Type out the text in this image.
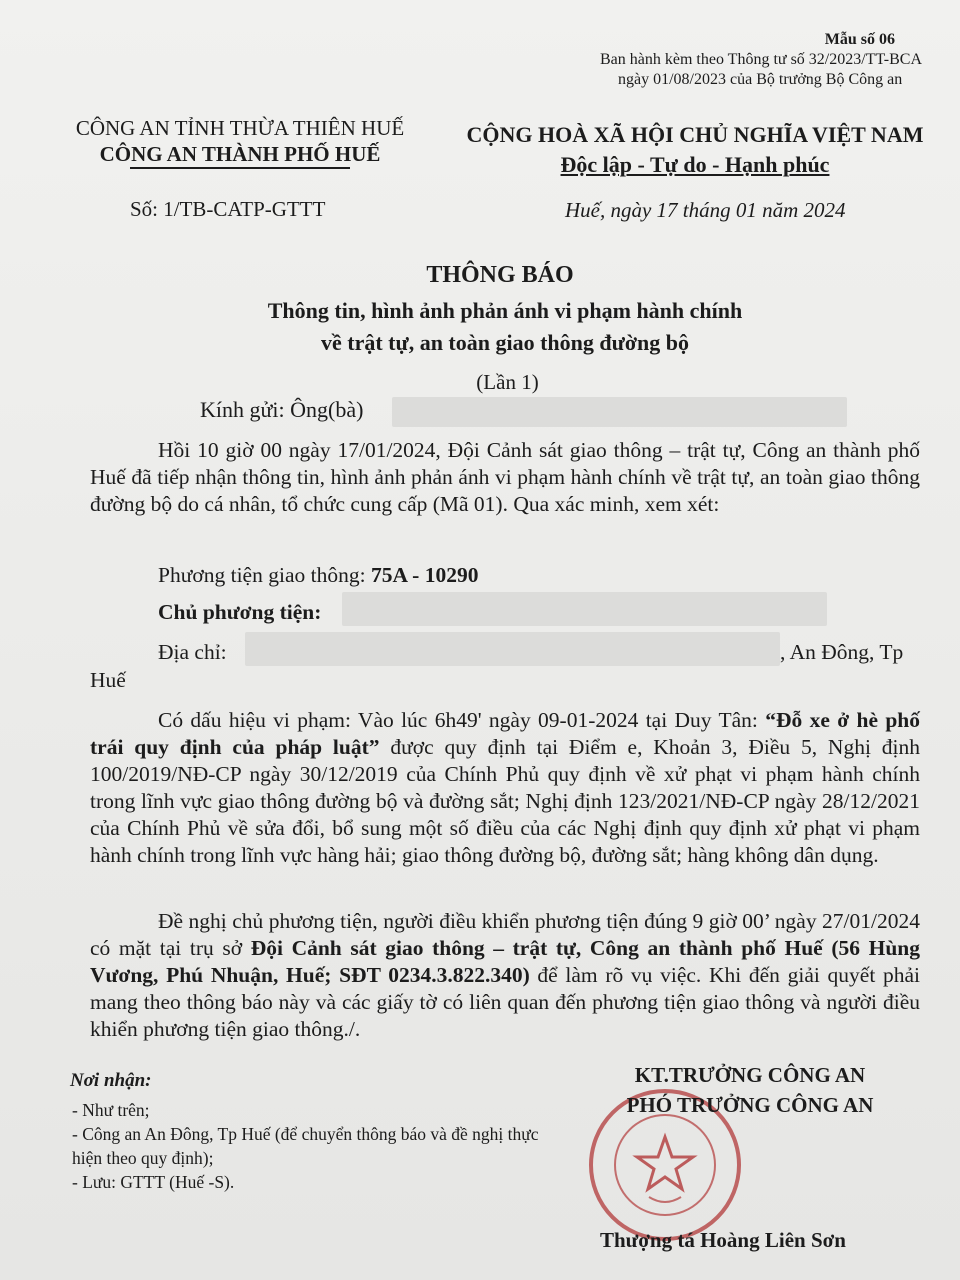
Mẫu số 06
Ban hành kèm theo Thông tư số 32/2023/TT-BCA
ngày 01/08/2023 của Bộ trưởng Bộ Công an
CÔNG AN TỈNH THỪA THIÊN HUẾ
CÔNG AN THÀNH PHỐ HUẾ
CỘNG HOÀ XÃ HỘI CHỦ NGHĨA VIỆT NAM
Độc lập - Tự do - Hạnh phúc
Số: 1/TB-CATP-GTTT	Huế, ngày 17 tháng 01 năm 2024
THÔNG BÁO
Thông tin, hình ảnh phản ánh vi phạm hành chính
về trật tự, an toàn giao thông đường bộ
(Lần 1)
Kính gửi: Ông(bà)
Hồi 10 giờ 00 ngày 17/01/2024, Đội Cảnh sát giao thông – trật tự, Công an thành phố Huế đã tiếp nhận thông tin, hình ảnh phản ánh vi phạm hành chính về trật tự, an toàn giao thông đường bộ do cá nhân, tổ chức cung cấp (Mã 01). Qua xác minh, xem xét:
Phương tiện giao thông: 75A - 10290
Chủ phương tiện:
Địa chỉ:	, An Đông, Tp
Huế
Có dấu hiệu vi phạm: Vào lúc 6h49' ngày 09-01-2024 tại Duy Tân: “Đỗ xe ở hè phố trái quy định của pháp luật” được quy định tại Điểm e, Khoản 3, Điều 5, Nghị định 100/2019/NĐ-CP ngày 30/12/2019 của Chính Phủ quy định về xử phạt vi phạm hành chính trong lĩnh vực giao thông đường bộ và đường sắt; Nghị định 123/2021/NĐ-CP ngày 28/12/2021 của Chính Phủ về sửa đổi, bổ sung một số điều của các Nghị định quy định xử phạt vi phạm hành chính trong lĩnh vực hàng hải; giao thông đường bộ, đường sắt; hàng không dân dụng.
Đề nghị chủ phương tiện, người điều khiển phương tiện đúng 9 giờ 00’ ngày 27/01/2024 có mặt tại trụ sở Đội Cảnh sát giao thông – trật tự, Công an thành phố Huế (56 Hùng Vương, Phú Nhuận, Huế; SĐT 0234.3.822.340) để làm rõ vụ việc. Khi đến giải quyết phải mang theo thông báo này và các giấy tờ có liên quan đến phương tiện giao thông và người điều khiển phương tiện giao thông./.
Nơi nhận:
- Như trên;
- Công an An Đông, Tp Huế (để chuyển thông báo và đề nghị thực hiện theo quy định);
- Lưu: GTTT (Huế -S).
KT.TRƯỞNG CÔNG AN
PHÓ TRƯỞNG CÔNG AN
Thượng tá Hoàng Liên Sơn
